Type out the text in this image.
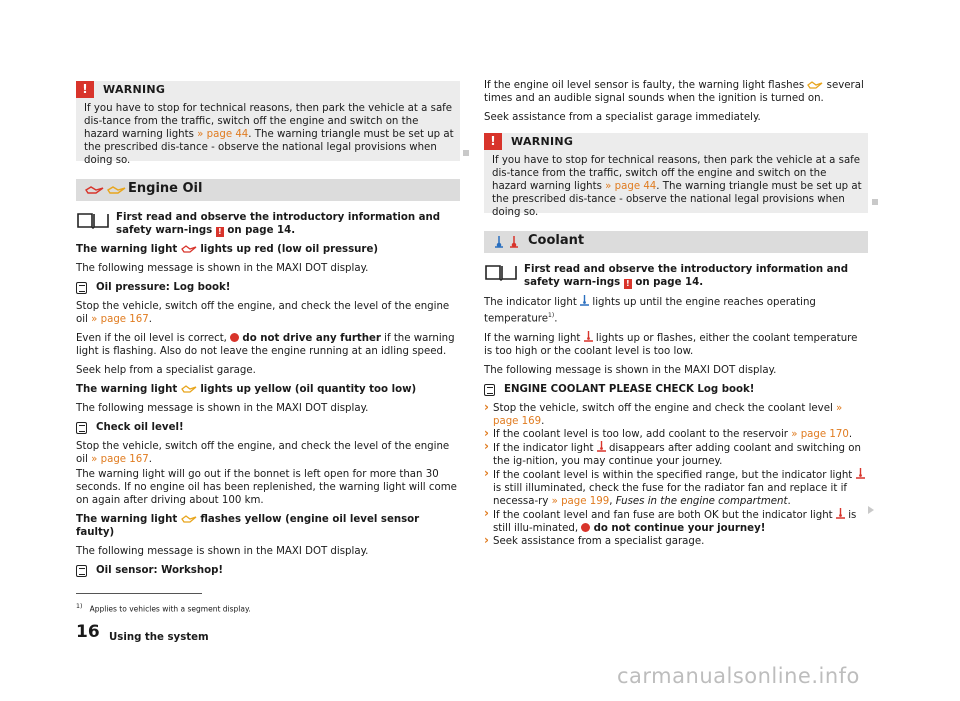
!	WARNING
If you have to stop for technical reasons, then park the vehicle at a safe dis-tance from the traffic, switch off the engine and switch on the hazard warning lights » page 44. The warning triangle must be set up at the prescribed dis-tance - observe the national legal provisions when doing so.
Engine Oil
First read and observe the introductory information and safety warn-ings ! on page 14.

The warning light lights up red (low oil pressure)

The following message is shown in the MAXI DOT display.

Oil pressure: Log book!

Stop the vehicle, switch off the engine, and check the level of the engine oil » page 167.

Even if the oil level is correct, do not drive any further if the warning light is flashing. Also do not leave the engine running at an idling speed.

Seek help from a specialist garage.

The warning light lights up yellow (oil quantity too low)

The following message is shown in the MAXI DOT display.

Check oil level!

Stop the vehicle, switch off the engine, and check the level of the engine oil » page 167.

The warning light will go out if the bonnet is left open for more than 30 seconds. If no engine oil has been replenished, the warning light will come on again after driving about 100 km.

The warning light flashes yellow (engine oil level sensor faulty)

The following message is shown in the MAXI DOT display.

Oil sensor: Workshop!

If the engine oil level sensor is faulty, the warning light flashes several times and an audible signal sounds when the ignition is turned on.

Seek assistance from a specialist garage immediately.

!	WARNING
If you have to stop for technical reasons, then park the vehicle at a safe dis-tance from the traffic, switch off the engine and switch on the hazard warning lights » page 44. The warning triangle must be set up at the prescribed dis-tance - observe the national legal provisions when doing so.
Coolant
First read and observe the introductory information and safety warn-ings ! on page 14.

The indicator light lights up until the engine reaches operating temperature$^{1)}$.

If the warning light lights up or flashes, either the coolant temperature is too high or the coolant level is too low.

The following message is shown in the MAXI DOT display.

ENGINE COOLANT PLEASE CHECK Log book!

› Stop the vehicle, switch off the engine and check the coolant level » page 169.

› If the coolant level is too low, add coolant to the reservoir » page 170.

› If the indicator light disappears after adding coolant and switching on the ig-nition, you may continue your journey.

› If the coolant level is within the specified range, but the indicator light  is still illuminated, check the fuse for the radiator fan and replace it if necessa-ry » page 199, Fuses in the engine compartment.

› If the coolant level and fan fuse are both OK but the indicator light is still illu-minated, do not continue your journey!

› Seek assistance from a specialist garage.

$^{1)}$ Applies to vehicles with a segment display.
16 Using the system
carmanualsonline.info
